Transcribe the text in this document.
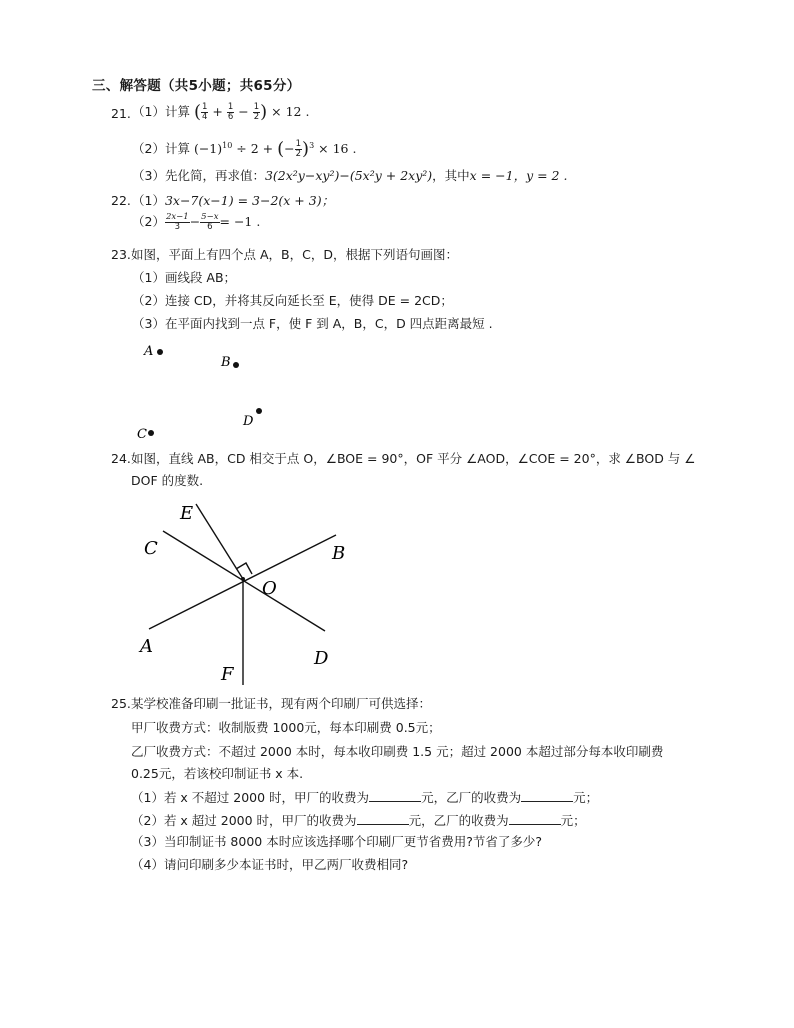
三、解答题（共5小题；共65分）
21. （1）计算 ( $\frac{1}{4} + \frac{1}{6} - \frac{1}{2}$ ) × 12 .
（2）计算 $(-1)^{10} \div 2$ + (− $\frac{1}{2} )^3 \times 16$ .
（3）先化简，再求值：3(2x²y−xy²)−(5x²y + 2xy²)，其中x = −1，y = 2 .
22. （1）3x−7(x−1) = 3−2(x + 3)；
$(2) \frac{2x-1}{3} - \frac{5-x}{6} = -1$ .
23. 如图，平面上有四个点 A，B，C，D，根据下列语句画图：
（1）画线段 AB；
（2）连接 CD，并将其反向延长至 E，使得 DE = 2CD；
（3）在平面内找到一点 F，使 F 到 A，B，C，D 四点距离最短 .
A
B
D
C
24. 如图，直线 AB，CD 相交于点 O，∠BOE = 90°，OF 平分 ∠AOD，∠COE = 20°，求 ∠BOD 与 ∠
DOF 的度数.
E
C	B
O
A
D
F
25. 某学校准备印刷一批证书，现有两个印刷厂可供选择：
甲厂收费方式：收制版费 1000元，每本印刷费 0.5元；
乙厂收费方式：不超过 2000 本时，每本收印刷费 1.5 元；超过 2000 本超过部分每本收印刷费
0.25元，若该校印制证书 x 本.
（1）若 x 不超过 2000 时，甲厂的收费为	元，乙厂的收费为	元；
（2）若 x 超过 2000 时，甲厂的收费为	元，乙厂的收费为	元；
（3）当印制证书 8000 本时应该选择哪个印刷厂更节省费用?节省了多少?
（4）请问印刷多少本证书时，甲乙两厂收费相同?
